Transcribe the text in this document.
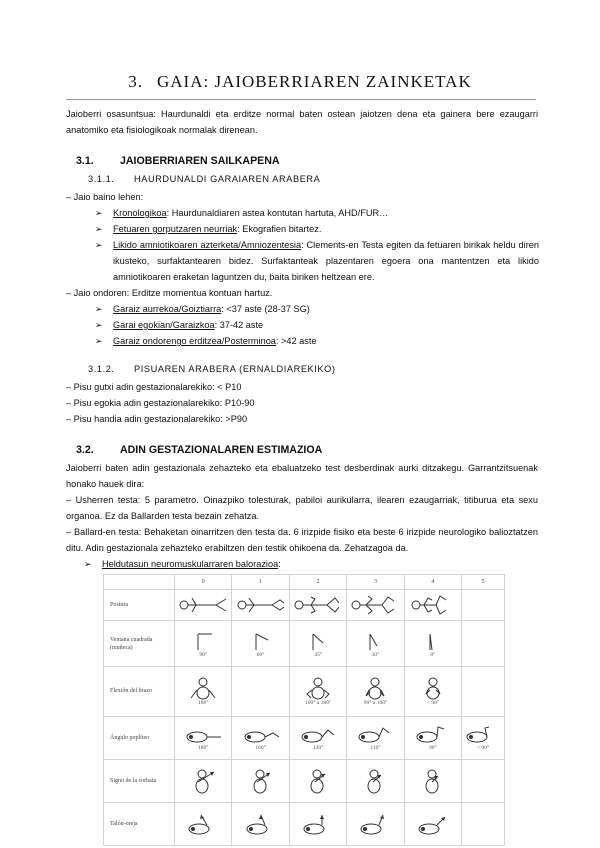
3. GAIA: JAIOBERRIAREN ZAINKETAK
Jaioberri osasuntsua: Haurdunaldi eta erditze normal baten ostean jaiotzen dena eta gainera bere ezaugarri anatomiko eta fisiologikoak normalak direnean.
3.1. JAIOBERRIAREN SAILKAPENA
3.1.1. HAURDUNALDI GARAIAREN ARABERA
– Jaio baino lehen:
➢ Kronologikoa: Haurdunaldiaren astea kontutan hartuta, AHD/FUR…
➢ Fetuaren gorputzaren neurriak: Ekografien bitartez.
➢	Likido amniotikoaren azterketa/Amniozentesia: Clements-en Testa egiten da fetuaren birikak heldu diren ikusteko, surfaktantearen bidez. Surfaktanteak plazentaren egoera ona mantentzen eta likido amniotikoaren eraketan laguntzen du, baita biriken heltzean ere.
– Jaio ondoren: Erditze momentua kontuan hartuz.
➢ Garaiz aurrekoa/Goiztiarra: <37 aste (28-37 SG)
➢ Garai egokian/Garaizkoa: 37-42 aste
➢ Garaiz ondorengo erditzea/Posterminoa: >42 aste
3.1.2. PISUAREN ARABERA (ERNALDIAREKIKO)
– Pisu gutxi adin gestazionalarekiko: < P10
– Pisu egokia adin gestazionalarekiko: P10-90
– Pisu handia adin gestazionalarekiko: >P90
3.2. ADIN GESTAZIONALAREN ESTIMAZIOA
Jaioberri baten adin gestazionala zehazteko eta ebaluatzeko test desberdinak aurki ditzakegu. Garrantzitsuenak honako hauek dira:
– Usherren testa: 5 parametro. Oinazpiko tolesturak, pabiloi aurikularra, ilearen ezaugarriak, titiburua eta sexu organoa. Ez da Ballarden testa bezain zehatza.
– Ballard-en testa: Behaketan oinarritzen den testa da. 6 irizpide fisiko eta beste 6 irizpide neurologiko balioztatzen ditu. Adin gestazionala zehazteko erabiltzen den testik ohikoena da. Zehatzagoa da.
➢ Heldutasun neuromuskularraren balorazioa:
	0	1	2	3	4	5
Postura	

Ventana cuadrada (muñeca)	90°	60°	45°	30°	0°	

Flexión del brazo	180°		100° a 180°	90° a 100°	< 90°	

Ángulo poplíteo	180°	160°	130°	110°	90°	< 90°

Signo de la corbata	

Talón-oreja	
